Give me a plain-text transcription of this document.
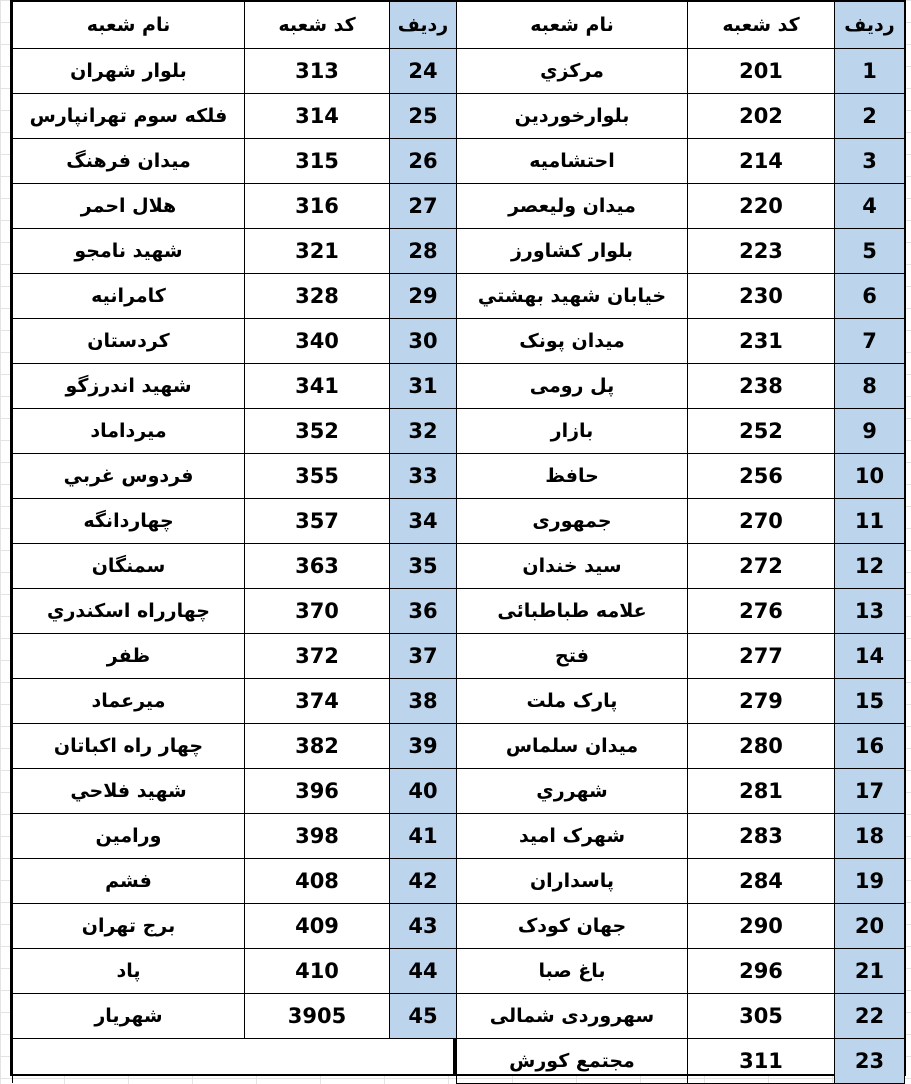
نام شعبه	کد شعبه	ردیف
مرکزي	201	1
بلوارخوردين	202	2
احتشاميه	214	3
ميدان وليعصر	220	4
بلوار کشاورز	223	5
خيابان شهيد بهشتي	230	6
ميدان پونک	231	7
پل رومی	238	8
بازار	252	9
حافظ	256	10
جمهوری	270	11
سيد خندان	272	12
علامه طباطبائی	276	13
فتح	277	14
پارک ملت	279	15
ميدان سلماس	280	16
شهرري	281	17
شهرک امید	283	18
پاسداران	284	19
جهان کودک	290	20
باغ صبا	296	21
سهروردی شمالی	305	22
مجتمع کورش	311	23
نام شعبه	کد شعبه	ردیف
بلوار شهران	313	24
فلکه سوم تهرانپارس	314	25
ميدان فرهنگ	315	26
هلال احمر	316	27
شهيد نامجو	321	28
کامرانيه	328	29
کردستان	340	30
شهيد اندرزگو	341	31
ميرداماد	352	32
فردوس غربي	355	33
چهاردانگه	357	34
سمنگان	363	35
چهارراه اسکندري	370	36
ظفر	372	37
ميرعماد	374	38
چهار راه اکباتان	382	39
شهيد فلاحي	396	40
ورامين	398	41
فشم	408	42
برج تهران	409	43
پاد	410	44
شهريار	3905	45
